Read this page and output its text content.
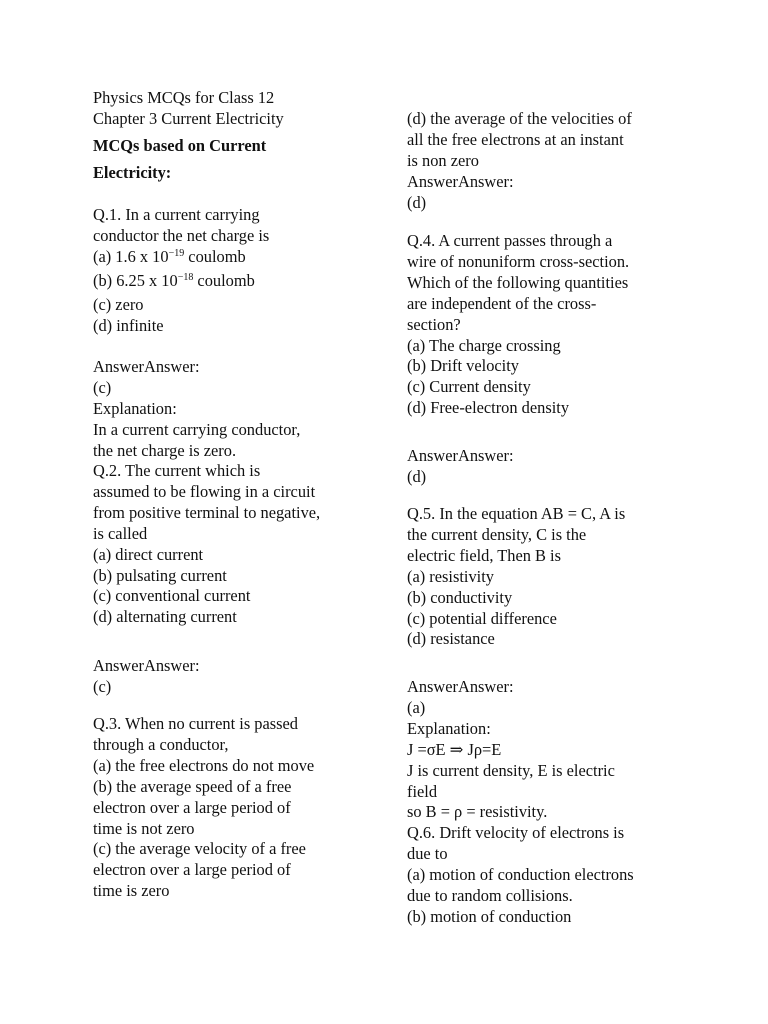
Physics MCQs for Class 12
Chapter 3 Current Electricity
MCQs based on Current
Electricity:
Q.1. In a current carrying
conductor the net charge is
(a) 1.6 x $10^{-19}$ coulomb
(b) 6.25 x $10^{-18}$ coulomb
(c) zero
(d) infinite
AnswerAnswer:
(c)
Explanation:
In a current carrying conductor,
the net charge is zero.
Q.2. The current which is
assumed to be flowing in a circuit
from positive terminal to negative,
is called
(a) direct current
(b) pulsating current
(c) conventional current
(d) alternating current
AnswerAnswer:
(c)
Q.3. When no current is passed
through a conductor,
(a) the free electrons do not move
(b) the average speed of a free
electron over a large period of
time is not zero
(c) the average velocity of a free
electron over a large period of
time is zero
(d) the average of the velocities of
all the free electrons at an instant
is non zero
AnswerAnswer:
(d)
Q.4. A current passes through a
wire of nonuniform cross-section.
Which of the following quantities
are independent of the cross-
section?
(a) The charge crossing
(b) Drift velocity
(c) Current density
(d) Free-electron density
AnswerAnswer:
(d)
Q.5. In the equation AB = C, A is
the current density, C is the
electric field, Then B is
(a) resistivity
(b) conductivity
(c) potential difference
(d) resistance
AnswerAnswer:
(a)
Explanation:
J =σE ⇒ Jρ=E
J is current density, E is electric
field
so B = ρ = resistivity.
Q.6. Drift velocity of electrons is
due to
(a) motion of conduction electrons
due to random collisions.
(b) motion of conduction
